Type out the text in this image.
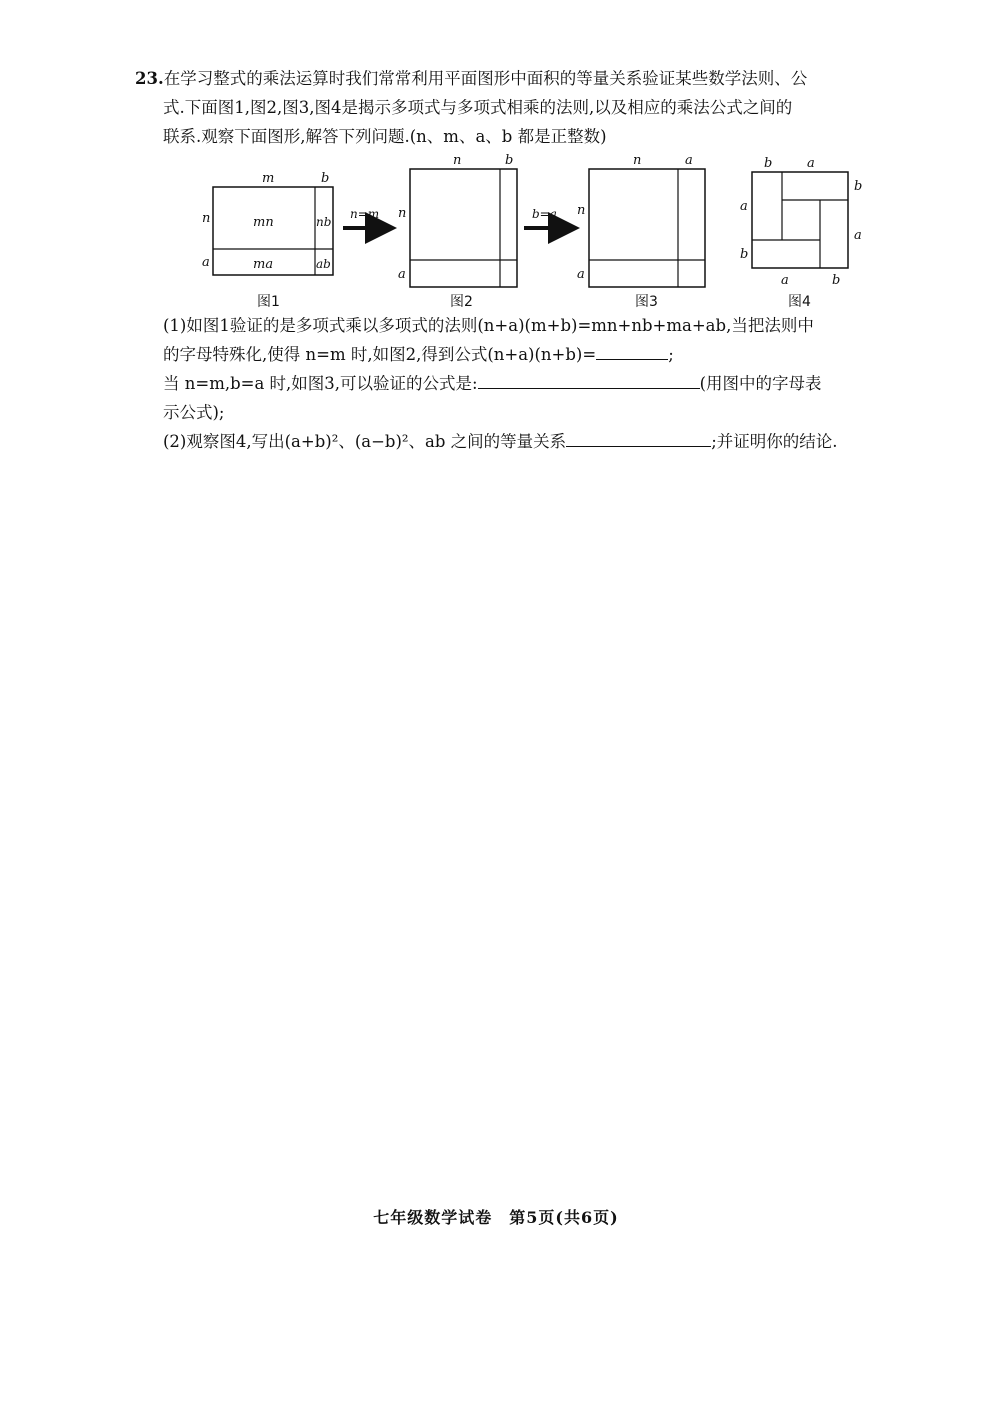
23.在学习整式的乘法运算时我们常常利用平面图形中面积的等量关系验证某些数学法则、公
式.下面图1,图2,图3,图4是揭示多项式与多项式相乘的法则,以及相应的乘法公式之间的
联系.观察下面图形,解答下列问题.(n、m、a、b 都是正整数)
(1)如图1验证的是多项式乘以多项式的法则(n+a)(m+b)=mn+nb+ma+ab,当把法则中
的字母特殊化,使得 n=m 时,如图2,得到公式(n+a)(n+b)=	;
当 n=m,b=a 时,如图3,可以验证的公式是:	(用图中的字母表
示公式);
(2)观察图4,写出(a+b)²、(a−b)²、ab 之间的等量关系	;并证明你的结论.
m	b
n
a
mn	nb
ma	ab
图1
n=m
n	b
n
a
图2
b=a
n	a
n
a
图3
b	a
b
a
a
b
a	b
图4
七年级数学试卷　第5页(共6页)
